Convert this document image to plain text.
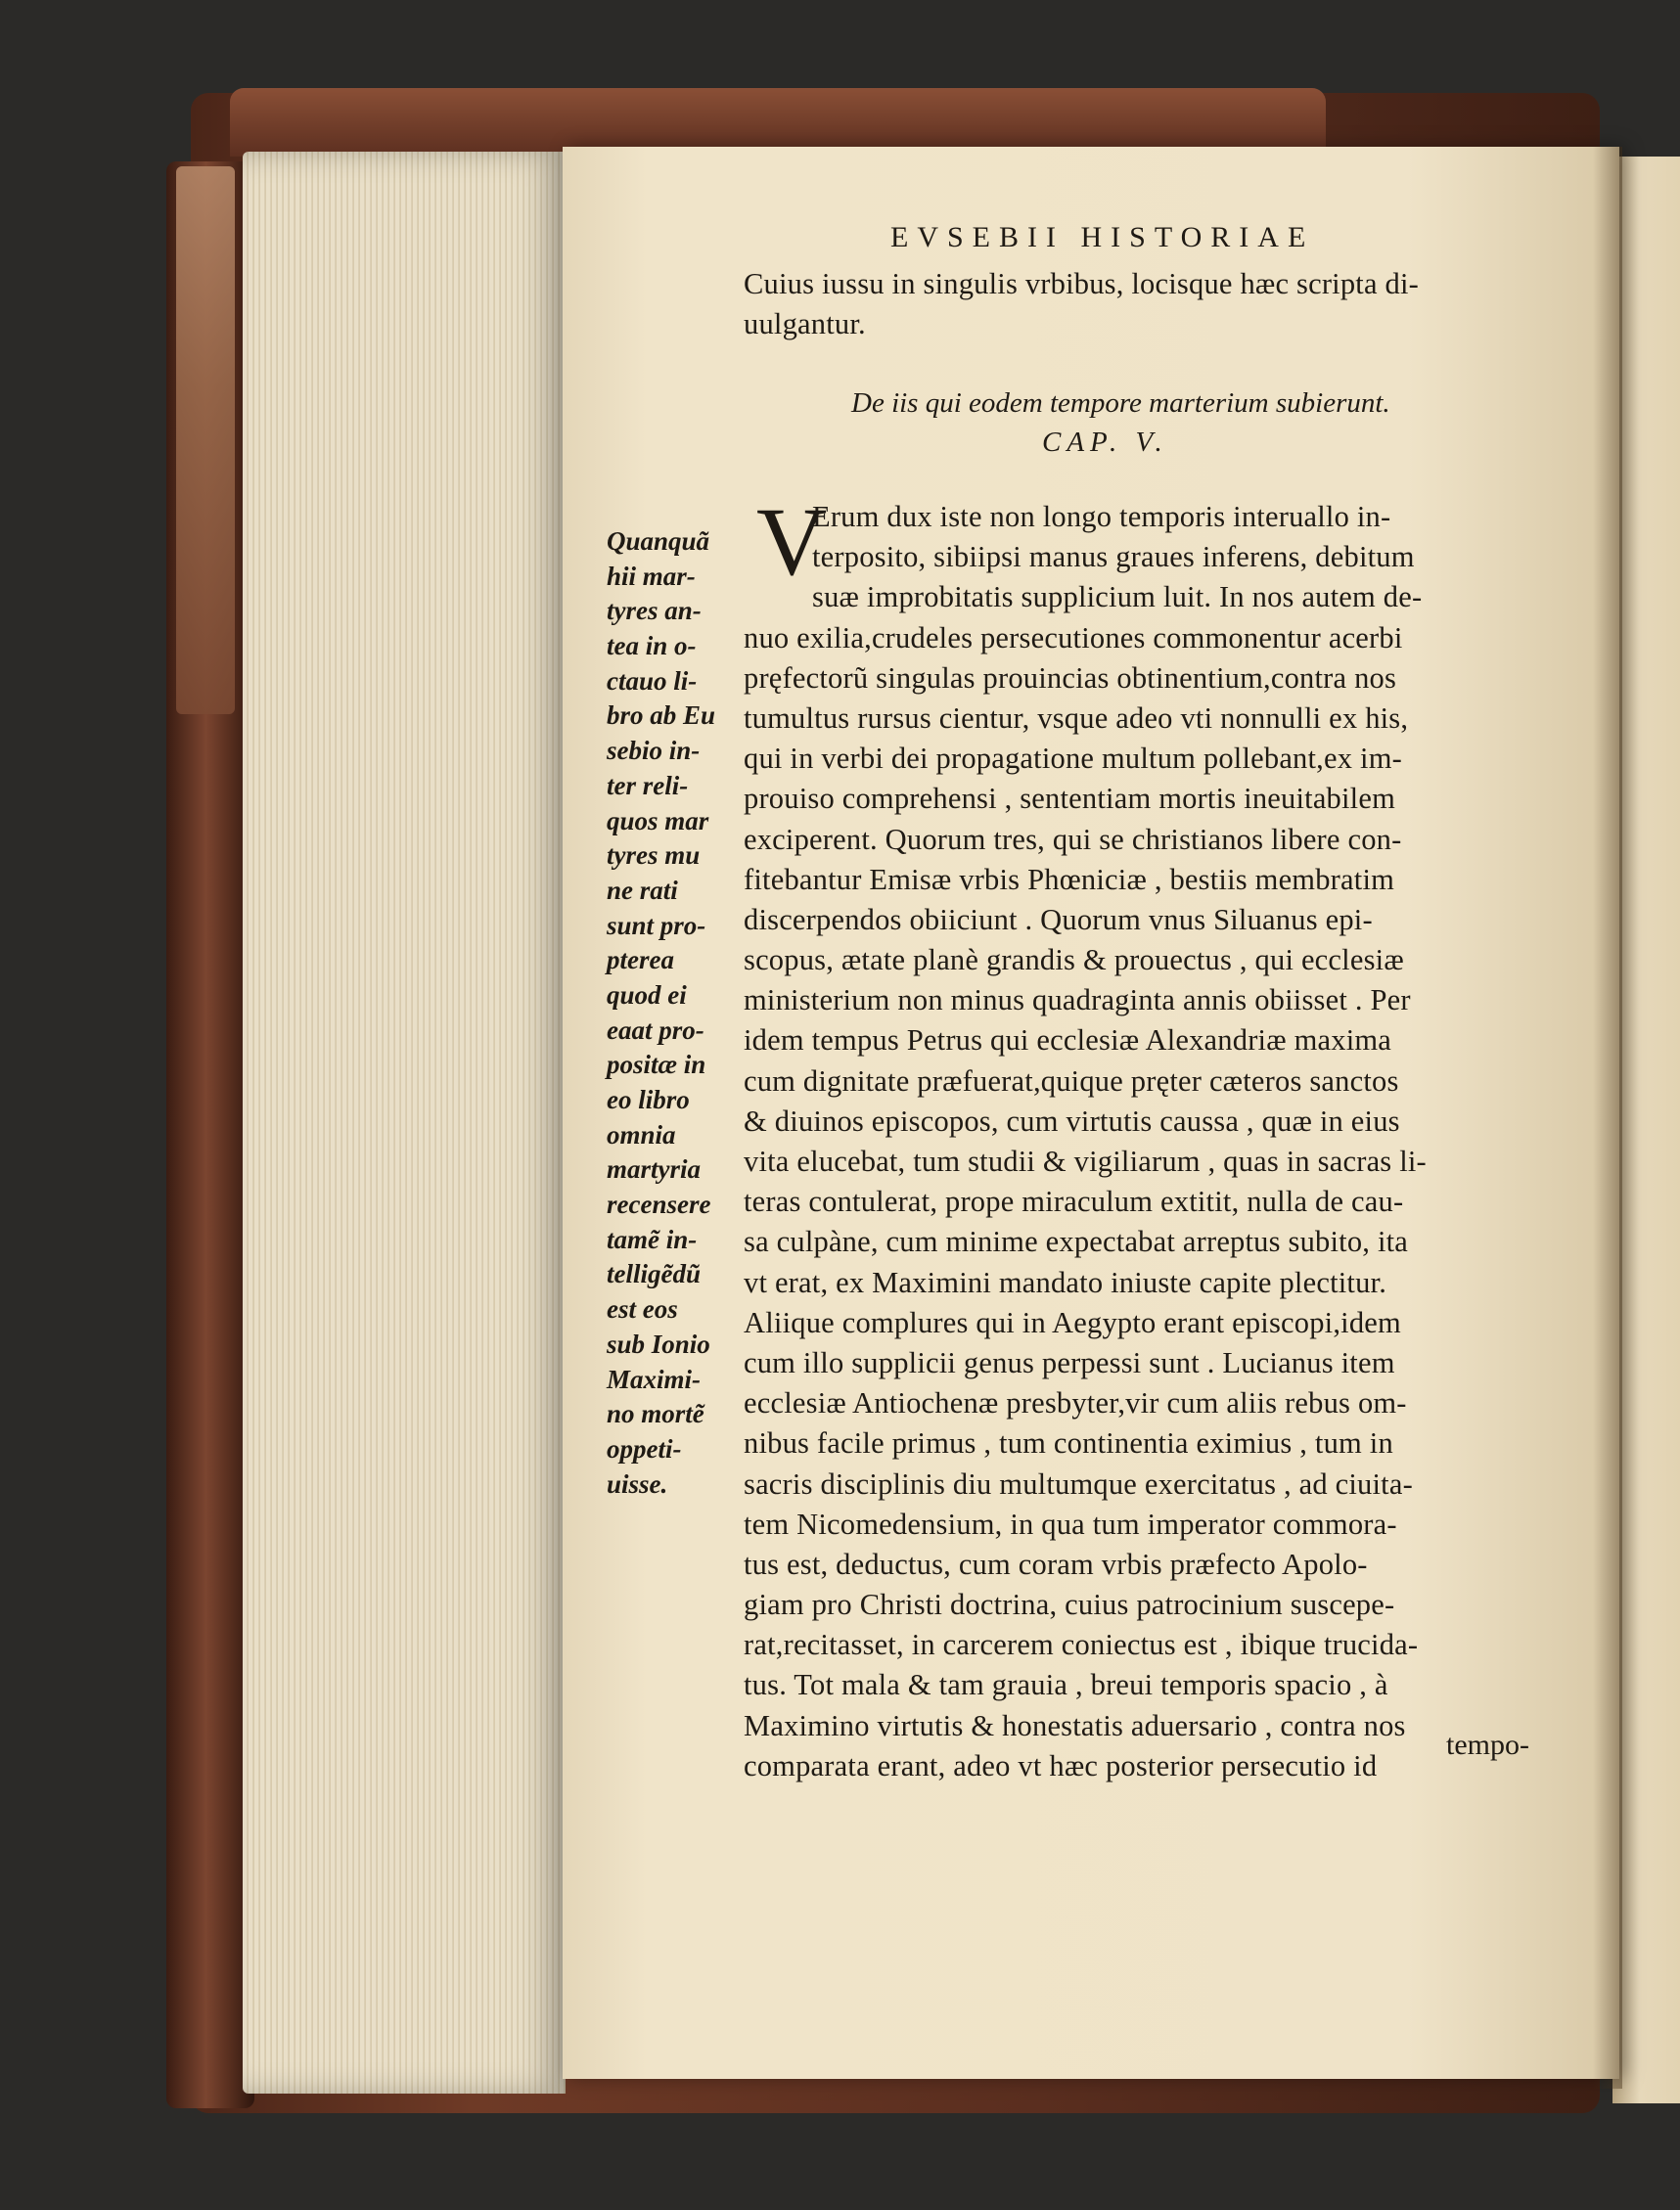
EVSEBII HISTORIAE
Cuius iussu in singulis vrbibus, locisque hæc scripta di-
uulgantur.
De iis qui eodem tempore marterium subierunt.
CAP. V.
V
Erum dux iste non longo temporis interuallo in-
terposito, sibiipsi manus graues inferens, debitum
suæ improbitatis supplicium luit. In nos autem de-
nuo exilia,crudeles persecutiones commonentur acerbi
pręfectorũ singulas prouincias obtinentium,contra nos
tumultus rursus cientur, vsque adeo vti nonnulli ex his,
qui in verbi dei propagatione multum pollebant,ex im-
prouiso comprehensi , sententiam mortis ineuitabilem
exciperent. Quorum tres, qui se christianos libere con-
fitebantur Emisæ vrbis Phœniciæ , bestiis membratim
discerpendos obiiciunt . Quorum vnus Siluanus epi-
scopus, ætate planè grandis & prouectus , qui ecclesiæ
ministerium non minus quadraginta annis obiisset . Per
idem tempus Petrus qui ecclesiæ Alexandriæ maxima
cum dignitate præfuerat,quique pręter cæteros sanctos
& diuinos episcopos, cum virtutis caussa , quæ in eius
vita elucebat, tum studii & vigiliarum , quas in sacras li-
teras contulerat, prope miraculum extitit, nulla de cau-
sa culpàne, cum minime expectabat arreptus subito, ita
vt erat, ex Maximini mandato iniuste capite plectitur.
Aliique complures qui in Aegypto erant episcopi,idem
cum illo supplicii genus perpessi sunt . Lucianus item
ecclesiæ Antiochenæ presbyter,vir cum aliis rebus om-
nibus facile primus , tum continentia eximius , tum in
sacris disciplinis diu multumque exercitatus , ad ciuita-
tem Nicomedensium, in qua tum imperator commora-
tus est, deductus, cum coram vrbis præfecto Apolo-
giam pro Christi doctrina, cuius patrocinium suscepe-
rat,recitasset, in carcerem coniectus est , ibique trucida-
tus. Tot mala & tam grauia , breui temporis spacio , à
Maximino virtutis & honestatis aduersario , contra nos
comparata erant, adeo vt hæc posterior persecutio id
tempo-
Quanquã
hii mar-
tyres an-
tea in o-
ctauo li-
bro ab Eu
sebio in-
ter reli-
quos mar
tyres mu
ne rati
sunt pro-
pterea
quod ei
eaat pro-
positæ in
eo libro
omnia
martyria
recensere
tamẽ in-
telligẽdũ
est eos
sub Ionio
Maximi-
no mortẽ
oppeti-
uisse.
